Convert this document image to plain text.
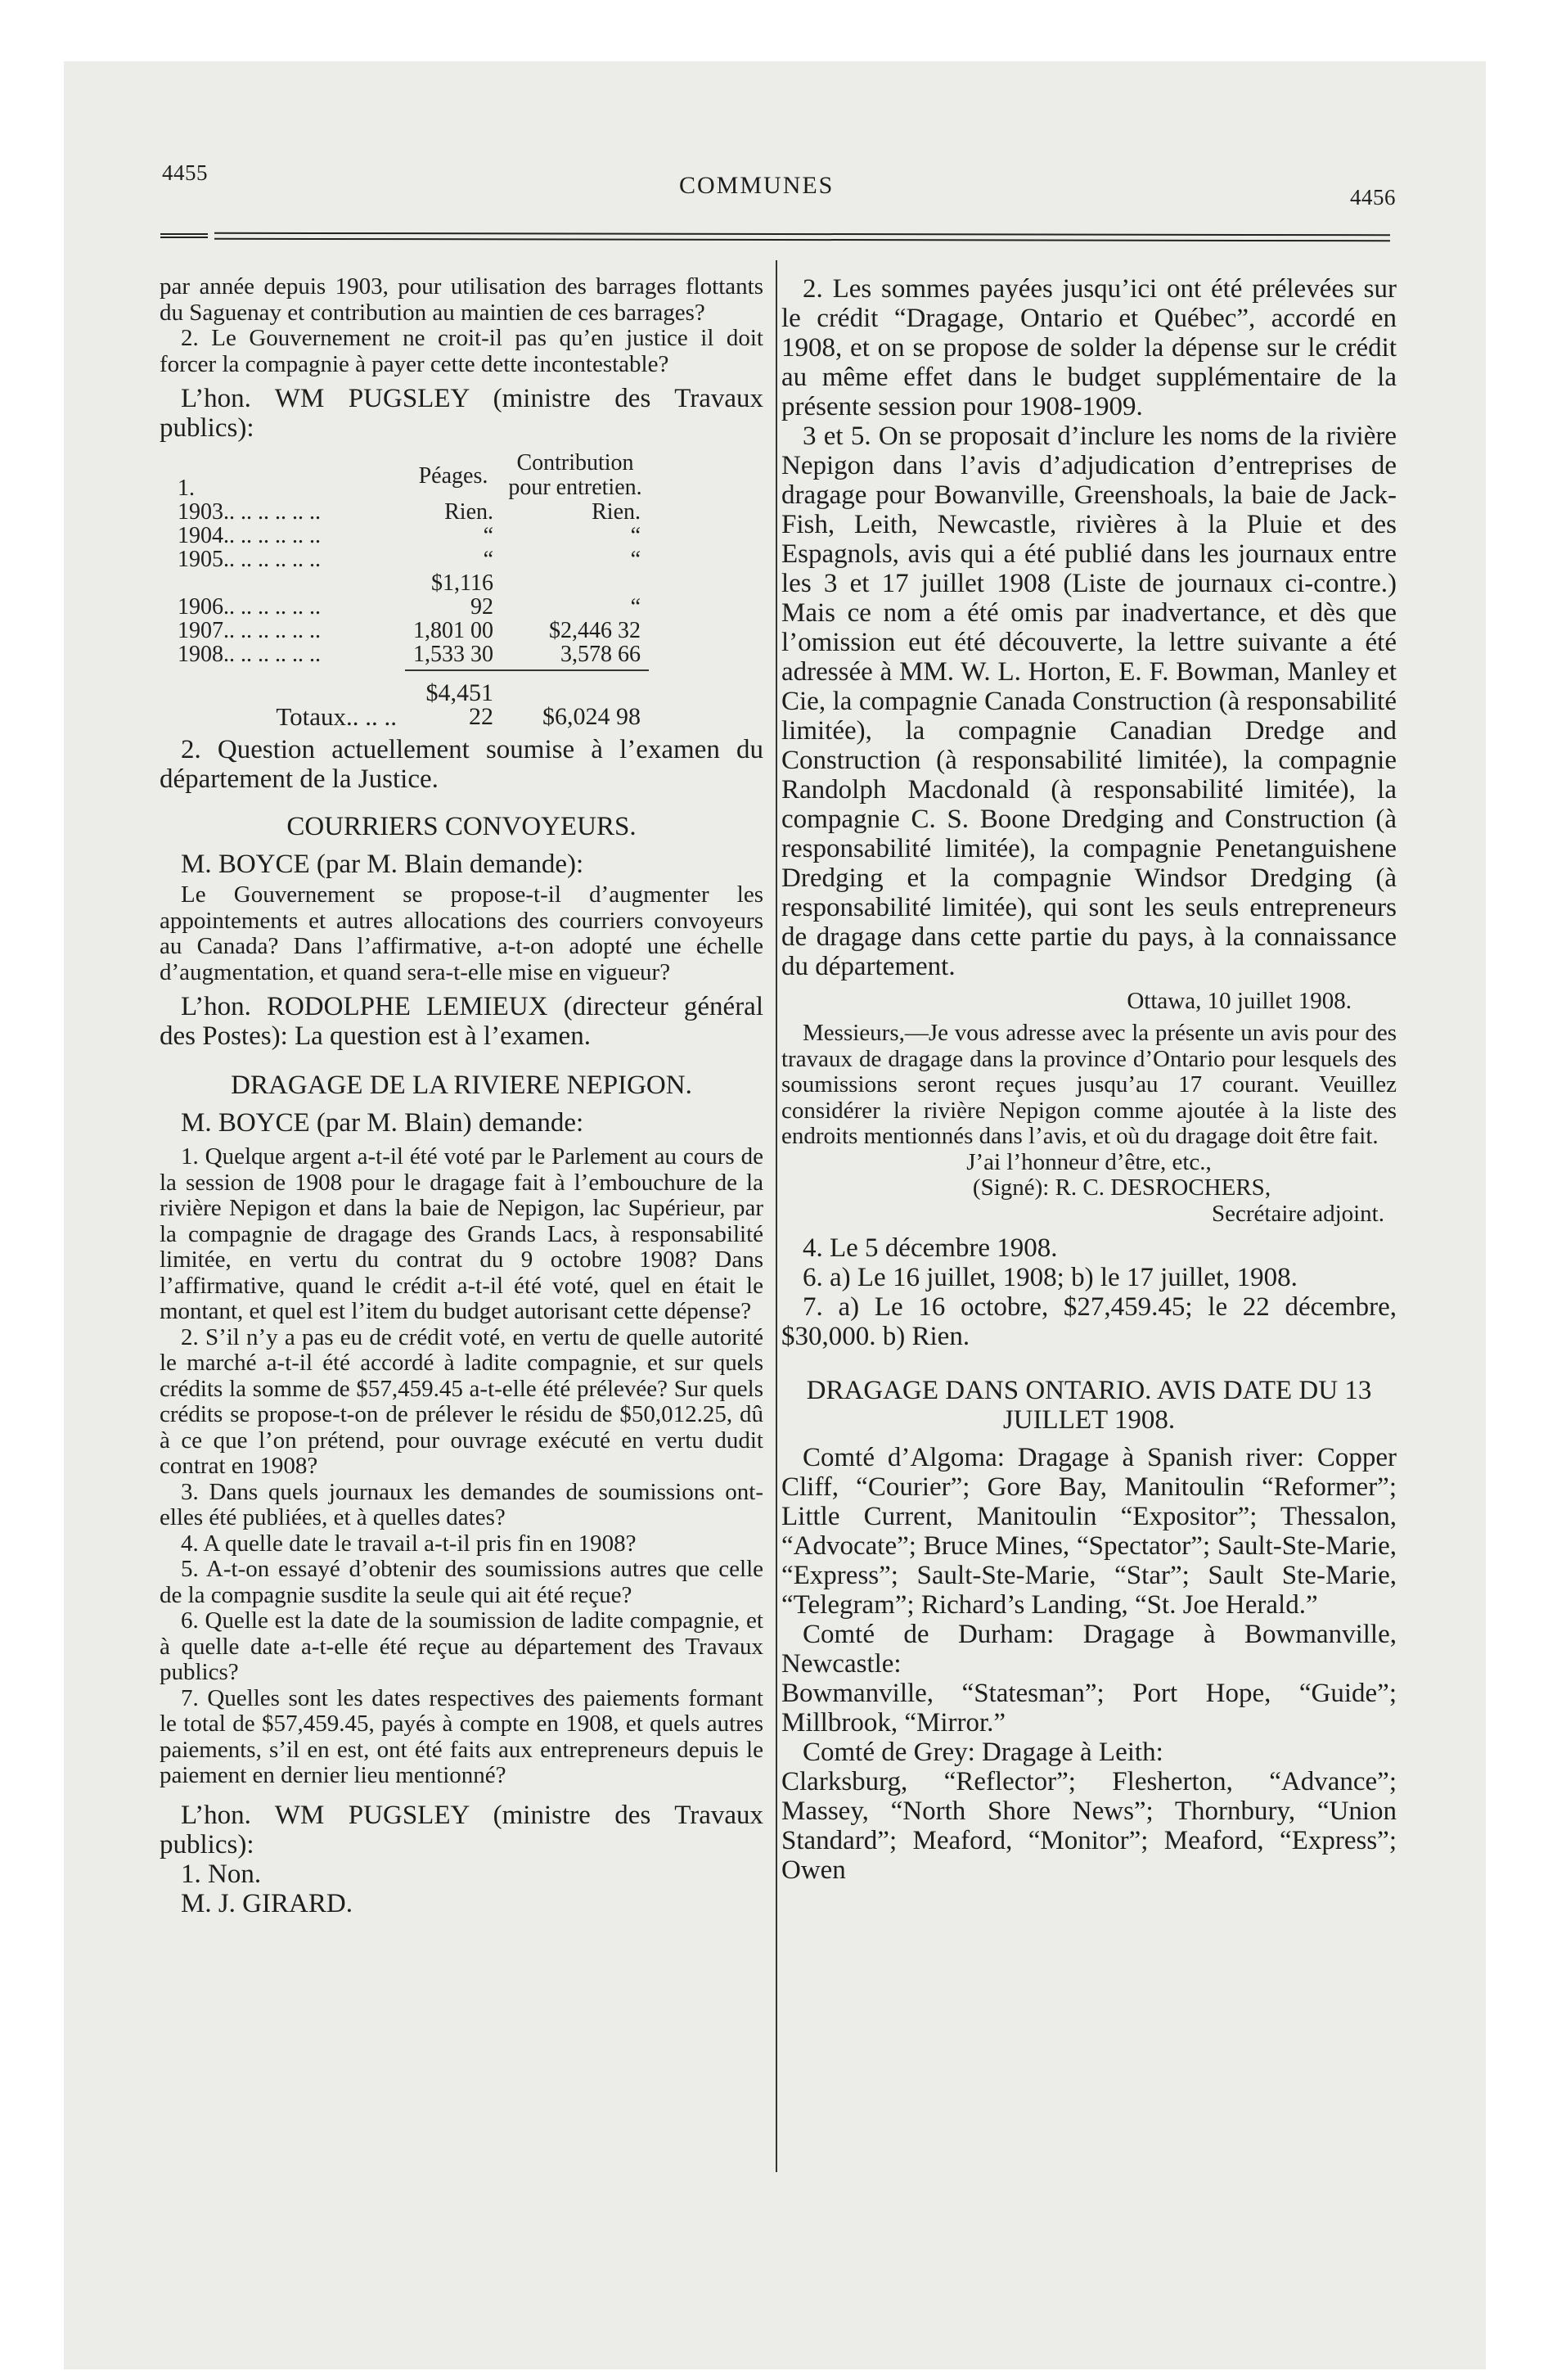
4455	COMMUNES	4456

par année depuis 1903, pour utilisation des barrages flottants du Saguenay et contribution au maintien de ces barrages?

2. Le Gouvernement ne croit-il pas qu’en justice il doit forcer la compagnie à payer cette dette incontestable?

L’hon. WM PUGSLEY (ministre des Travaux publics):

1.	Péages.	Contribution pour entretien.
1903.. .. .. .. .. ..	Rien.	Rien.
1904.. .. .. .. .. ..	“	“
1905.. .. .. .. .. ..	“	“
1906.. .. .. .. .. ..	$1,116 92	“
1907.. .. .. .. .. ..	1,801 00	$2,446 32
1908.. .. .. .. .. ..	1,533 30	3,578 66

Totaux.. .. ..	$4,451 22	$6,024 98

2. Question actuellement soumise à l’examen du département de la Justice.

COURRIERS CONVOYEURS.

M. BOYCE (par M. Blain demande):

Le Gouvernement se propose-t-il d’augmenter les appointements et autres allocations des courriers convoyeurs au Canada? Dans l’affirmative, a-t-on adopté une échelle d’augmentation, et quand sera-t-elle mise en vigueur?

L’hon. RODOLPHE LEMIEUX (directeur général des Postes): La question est à l’examen.

DRAGAGE DE LA RIVIERE NEPIGON.

M. BOYCE (par M. Blain) demande:

1. Quelque argent a-t-il été voté par le Parlement au cours de la session de 1908 pour le dragage fait à l’embouchure de la rivière Nepigon et dans la baie de Nepigon, lac Supérieur, par la compagnie de dragage des Grands Lacs, à responsabilité limitée, en vertu du contrat du 9 octobre 1908? Dans l’affirmative, quand le crédit a-t-il été voté, quel en était le montant, et quel est l’item du budget autorisant cette dépense?

2. S’il n’y a pas eu de crédit voté, en vertu de quelle autorité le marché a-t-il été accordé à ladite compagnie, et sur quels crédits la somme de $57,459.45 a-t-elle été prélevée? Sur quels crédits se propose-t-on de prélever le résidu de $50,012.25, dû à ce que l’on prétend, pour ouvrage exécuté en vertu dudit contrat en 1908?

3. Dans quels journaux les demandes de soumissions ont-elles été publiées, et à quelles dates?

4. A quelle date le travail a-t-il pris fin en 1908?

5. A-t-on essayé d’obtenir des soumissions autres que celle de la compagnie susdite la seule qui ait été reçue?

6. Quelle est la date de la soumission de ladite compagnie, et à quelle date a-t-elle été reçue au département des Travaux publics?

7. Quelles sont les dates respectives des paiements formant le total de $57,459.45, payés à compte en 1908, et quels autres paiements, s’il en est, ont été faits aux entrepreneurs depuis le paiement en dernier lieu mentionné?

L’hon. WM PUGSLEY (ministre des Travaux publics):

1. Non.

M. J. GIRARD.

2. Les sommes payées jusqu’ici ont été prélevées sur le crédit “Dragage, Ontario et Québec”, accordé en 1908, et on se propose de solder la dépense sur le crédit au même effet dans le budget supplémentaire de la présente session pour 1908-1909.

3 et 5. On se proposait d’inclure les noms de la rivière Nepigon dans l’avis d’adjudication d’entreprises de dragage pour Bowanville, Greenshoals, la baie de Jack-Fish, Leith, Newcastle, rivières à la Pluie et des Espagnols, avis qui a été publié dans les journaux entre les 3 et 17 juillet 1908 (Liste de journaux ci-contre.) Mais ce nom a été omis par inadvertance, et dès que l’omission eut été découverte, la lettre suivante a été adressée à MM. W. L. Horton, E. F. Bowman, Manley et Cie, la compagnie Canada Construction (à responsabilité limitée), la compagnie Canadian Dredge and Construction (à responsabilité limitée), la compagnie Randolph Macdonald (à responsabilité limitée), la compagnie C. S. Boone Dredging and Construction (à responsabilité limitée), la compagnie Penetanguishene Dredging et la compagnie Windsor Dredging (à responsabilité limitée), qui sont les seuls entrepreneurs de dragage dans cette partie du pays, à la connaissance du département.

Ottawa, 10 juillet 1908.

Messieurs,—Je vous adresse avec la présente un avis pour des travaux de dragage dans la province d’Ontario pour lesquels des soumissions seront reçues jusqu’au 17 courant. Veuillez considérer la rivière Nepigon comme ajoutée à la liste des endroits mentionnés dans l’avis, et où du dragage doit être fait.

J’ai l’honneur d’être, etc.,

(Signé): R. C. DESROCHERS,

Secrétaire adjoint.

4. Le 5 décembre 1908.

6. a) Le 16 juillet, 1908; b) le 17 juillet, 1908.

7. a) Le 16 octobre, $27,459.45; le 22 décembre, $30,000. b) Rien.

DRAGAGE DANS ONTARIO. AVIS DATE DU 13 JUILLET 1908.

Comté d’Algoma: Dragage à Spanish river: Copper Cliff, “Courier”; Gore Bay, Manitoulin “Reformer”; Little Current, Manitoulin “Expositor”; Thessalon, “Advocate”; Bruce Mines, “Spectator”; Sault-Ste-Marie, “Express”; Sault-Ste-Marie, “Star”; Sault Ste-Marie, “Telegram”; Richard’s Landing, “St. Joe Herald.”

Comté de Durham: Dragage à Bowmanville, Newcastle:

Bowmanville, “Statesman”; Port Hope, “Guide”; Millbrook, “Mirror.”

Comté de Grey: Dragage à Leith:

Clarksburg, “Reflector”; Flesherton, “Advance”; Massey, “North Shore News”; Thornbury, “Union Standard”; Meaford, “Monitor”; Meaford, “Express”; Owen
